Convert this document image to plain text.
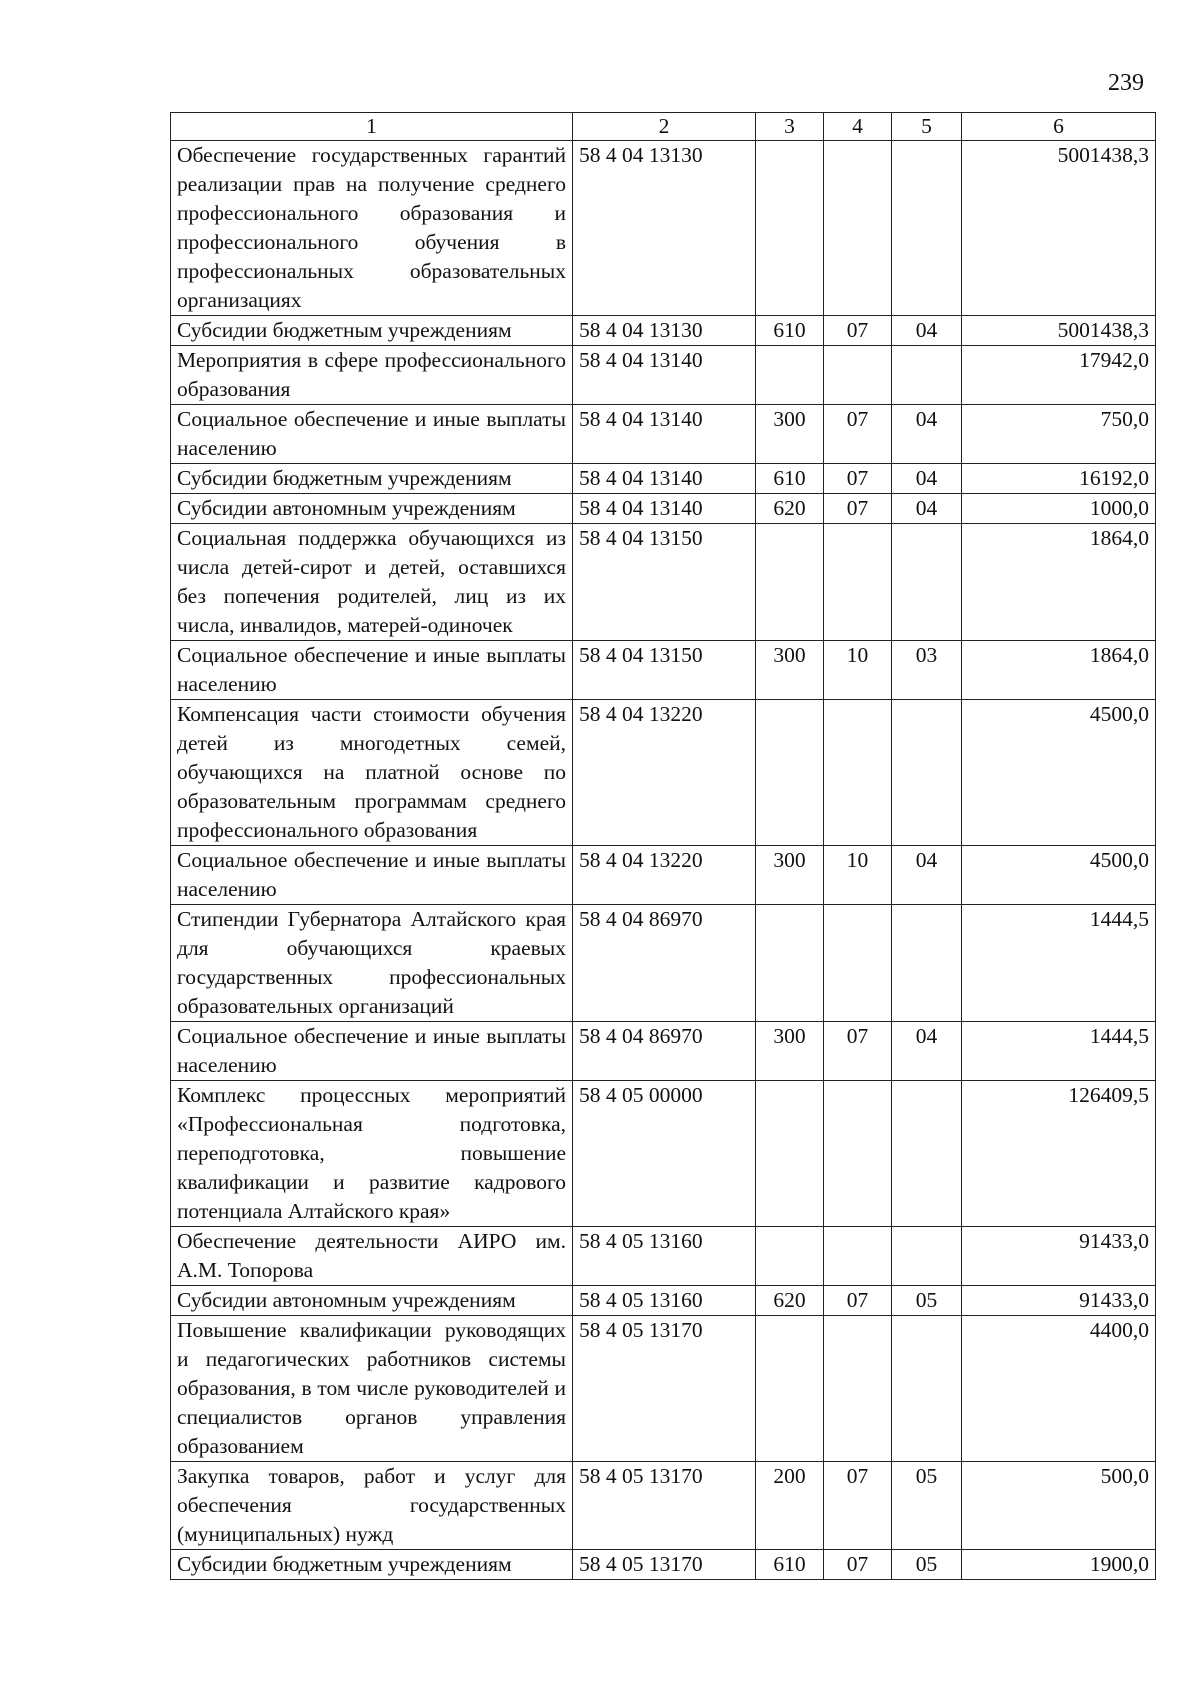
239
1	2	3	4	5	6
Обеспечение государственных гарантий реализации прав на получение среднего профессионального образования и профессионального обучения в профессиональных образовательных организациях	58 4 04 13130				5001438,3
Субсидии бюджетным учреждениям	58 4 04 13130	610	07	04	5001438,3
Мероприятия в сфере профессионального образования	58 4 04 13140				17942,0
Социальное обеспечение и иные выплаты населению	58 4 04 13140	300	07	04	750,0
Субсидии бюджетным учреждениям	58 4 04 13140	610	07	04	16192,0
Субсидии автономным учреждениям	58 4 04 13140	620	07	04	1000,0
Социальная поддержка обучающихся из числа детей-сирот и детей, оставшихся без попечения родителей, лиц из их числа, инвалидов, матерей-одиночек	58 4 04 13150				1864,0
Социальное обеспечение и иные выплаты населению	58 4 04 13150	300	10	03	1864,0
Компенсация части стоимости обучения детей из многодетных семей, обучающихся на платной основе по образовательным программам среднего профессионального образования	58 4 04 13220				4500,0
Социальное обеспечение и иные выплаты населению	58 4 04 13220	300	10	04	4500,0
Стипендии Губернатора Алтайского края для обучающихся краевых государственных профессиональных образовательных организаций	58 4 04 86970				1444,5
Социальное обеспечение и иные выплаты населению	58 4 04 86970	300	07	04	1444,5
Комплекс процессных мероприятий «Профессиональная подготовка, переподготовка, повышение квалификации и развитие кадрового потенциала Алтайского края»	58 4 05 00000				126409,5
Обеспечение деятельности АИРО им. А.М. Топорова	58 4 05 13160				91433,0
Субсидии автономным учреждениям	58 4 05 13160	620	07	05	91433,0
Повышение квалификации руководящих и педагогических работников системы образования, в том числе руководителей и специалистов органов управления образованием	58 4 05 13170				4400,0
Закупка товаров, работ и услуг для обеспечения государственных (муниципальных) нужд	58 4 05 13170	200	07	05	500,0
Субсидии бюджетным учреждениям	58 4 05 13170	610	07	05	1900,0
